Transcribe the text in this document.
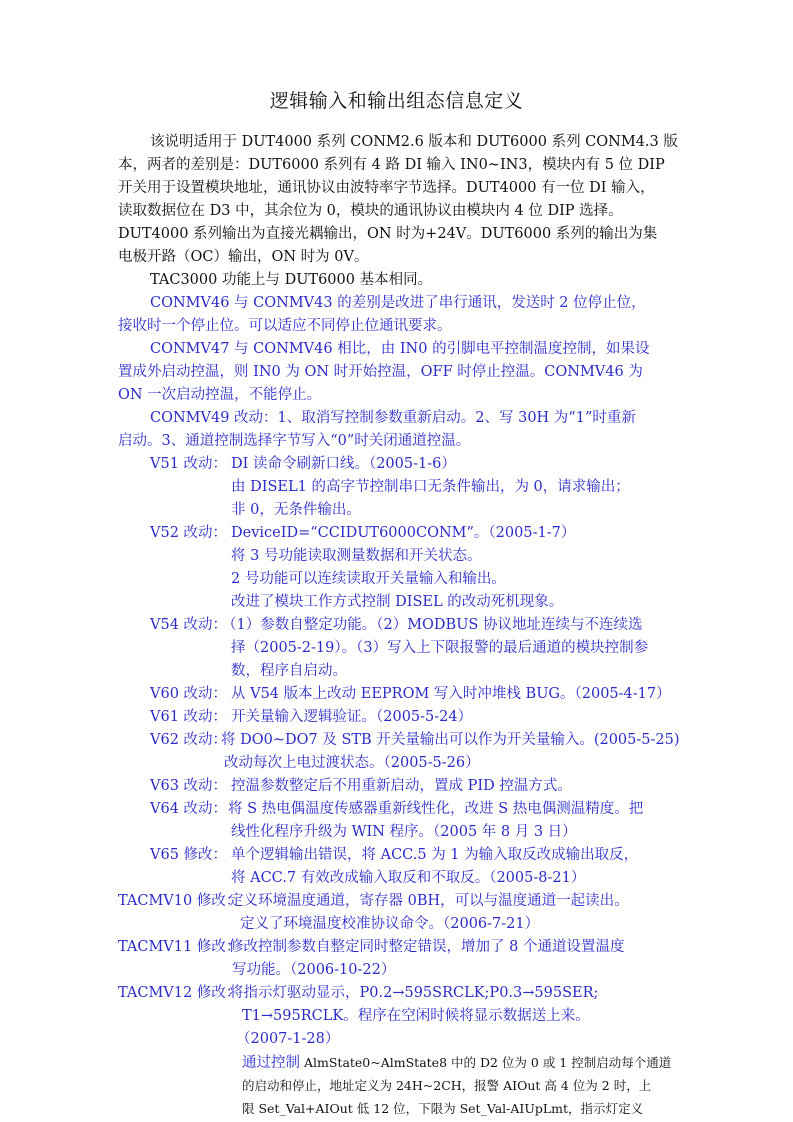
逻辑输入和输出组态信息定义
该说明适用于 DUT4000 系列 CONM2.6 版本和 DUT6000 系列 CONM4.3 版
本，两者的差别是：DUT6000 系列有 4 路 DI 输入 IN0~IN3，模块内有 5 位 DIP
开关用于设置模块地址，通讯协议由波特率字节选择。DUT4000 有一位 DI 输入，
读取数据位在 D3 中，其余位为 0，模块的通讯协议由模块内 4 位 DIP 选择。
DUT4000 系列输出为直接光耦输出，ON 时为+24V。DUT6000 系列的输出为集
电极开路（OC）输出，ON 时为 0V。
TAC3000 功能上与 DUT6000 基本相同。
CONMV46 与 CONMV43 的差别是改进了串行通讯，发送时 2 位停止位，
接收时一个停止位。可以适应不同停止位通讯要求。
CONMV47 与 CONMV46 相比，由 IN0 的引脚电平控制温度控制，如果设
置成外启动控温，则 IN0 为 ON 时开始控温，OFF 时停止控温。CONMV46 为
ON 一次启动控温，不能停止。
CONMV49 改动：1、取消写控制参数重新启动。2、写 30H 为“1”时重新
启动。3、通道控制选择字节写入“0”时关闭通道控温。
V51 改动： DI 读命令刷新口线。（2005-1-6）
由 DISEL1 的高字节控制串口无条件输出，为 0，请求输出；
非 0，无条件输出。
V52 改动： DeviceID=“CCIDUT6000CONM”。（2005-1-7）
将 3 号功能读取测量数据和开关状态。
2 号功能可以连续读取开关量输入和输出。
改进了模块工作方式控制 DISEL 的改动死机现象。
V54 改动：
（1）参数自整定功能。（2）MODBUS 协议地址连续与不连续选
择（2005-2-19）。（3）写入上下限报警的最后通道的模块控制参
数，程序自启动。
V60 改动： 从 V54 版本上改动 EEPROM 写入时冲堆栈 BUG。（2005-4-17）
V61 改动： 开关量输入逻辑验证。（2005-5-24）
V62 改动：
将 DO0~DO7 及 STB 开关量输出可以作为开关量输入。(2005-5-25)
改动每次上电过渡状态。（2005-5-26）
V63 改动： 控温参数整定后不用重新启动，置成 PID 控温方式。
V64 改动： 将 S 热电偶温度传感器重新线性化，改进 S 热电偶测温精度。把
线性化程序升级为 WIN 程序。（2005 年 8 月 3 日）
V65 修改： 单个逻辑输出错误，将 ACC.5 为 1 为输入取反改成输出取反，
将 ACC.7 有效改成输入取反和不取反。（2005-8-21）
TACMV10 修改：
定义环境温度通道，寄存器 0BH，可以与温度通道一起读出。
定义了环境温度校准协议命令。（2006-7-21）
TACMV11 修改：
修改控制参数自整定同时整定错误，增加了 8 个通道设置温度
写功能。（2006-10-22）
TACMV12 修改：
将指示灯驱动显示，P0.2→595SRCLK;P0.3→595SER;
T1→595RCLK。程序在空闲时候将显示数据送上来。
（2007-1-28）
通过控制 AlmState0~AlmState8 中的 D2 位为 0 或 1 控制启动每个通道
的启动和停止，地址定义为 24H~2CH，报警 AIOut 高 4 位为 2 时，上
限 Set_Val+AIOut 低 12 位，下限为 Set_Val-AIUpLmt，指示灯定义
